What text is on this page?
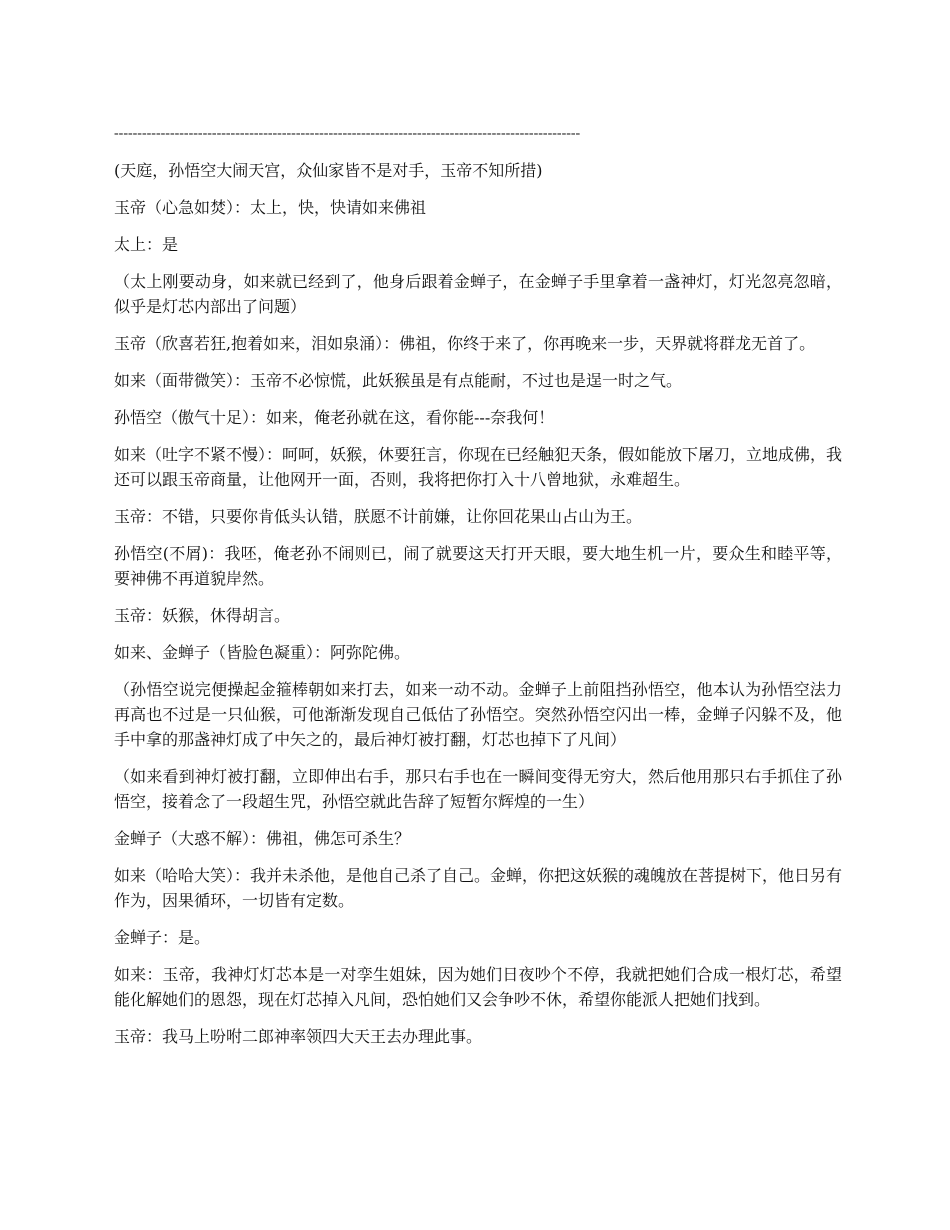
----------------------------------------------------------------------------------------------------

(天庭，孙悟空大闹天宫，众仙家皆不是对手，玉帝不知所措)

玉帝（心急如焚）：太上，快，快请如来佛祖

太上：是

（太上刚要动身，如来就已经到了，他身后跟着金蝉子，在金蝉子手里拿着一盏神灯，灯光忽亮忽暗，似乎是灯芯内部出了问题）

玉帝（欣喜若狂,抱着如来，泪如泉涌）：佛祖，你终于来了，你再晚来一步，天界就将群龙无首了。

如来（面带微笑）：玉帝不必惊慌，此妖猴虽是有点能耐，不过也是逞一时之气。

孙悟空（傲气十足）：如来，俺老孙就在这，看你能---奈我何！

如来（吐字不紧不慢）：呵呵，妖猴，休要狂言，你现在已经触犯天条，假如能放下屠刀，立地成佛，我还可以跟玉帝商量，让他网开一面，否则，我将把你打入十八曾地狱，永难超生。

玉帝：不错，只要你肯低头认错，朕愿不计前嫌，让你回花果山占山为王。

孙悟空(不屑)：我呸，俺老孙不闹则已，闹了就要这天打开天眼，要大地生机一片，要众生和睦平等，要神佛不再道貌岸然。

玉帝：妖猴，休得胡言。

如来、金蝉子（皆脸色凝重）：阿弥陀佛。

（孙悟空说完便操起金箍棒朝如来打去，如来一动不动。金蝉子上前阻挡孙悟空，他本认为孙悟空法力再高也不过是一只仙猴，可他渐渐发现自己低估了孙悟空。突然孙悟空闪出一棒，金蝉子闪躲不及，他手中拿的那盏神灯成了中矢之的，最后神灯被打翻，灯芯也掉下了凡间）

（如来看到神灯被打翻，立即伸出右手，那只右手也在一瞬间变得无穷大，然后他用那只右手抓住了孙悟空，接着念了一段超生咒，孙悟空就此告辞了短暂尔辉煌的一生）

金蝉子（大惑不解）：佛祖，佛怎可杀生？

如来（哈哈大笑）：我并未杀他，是他自己杀了自己。金蝉，你把这妖猴的魂魄放在菩提树下，他日另有作为，因果循环，一切皆有定数。

金蝉子：是。

如来：玉帝，我神灯灯芯本是一对孪生姐妹，因为她们日夜吵个不停，我就把她们合成一根灯芯，希望能化解她们的恩怨，现在灯芯掉入凡间，恐怕她们又会争吵不休，希望你能派人把她们找到。

玉帝：我马上吩咐二郎神率领四大天王去办理此事。
